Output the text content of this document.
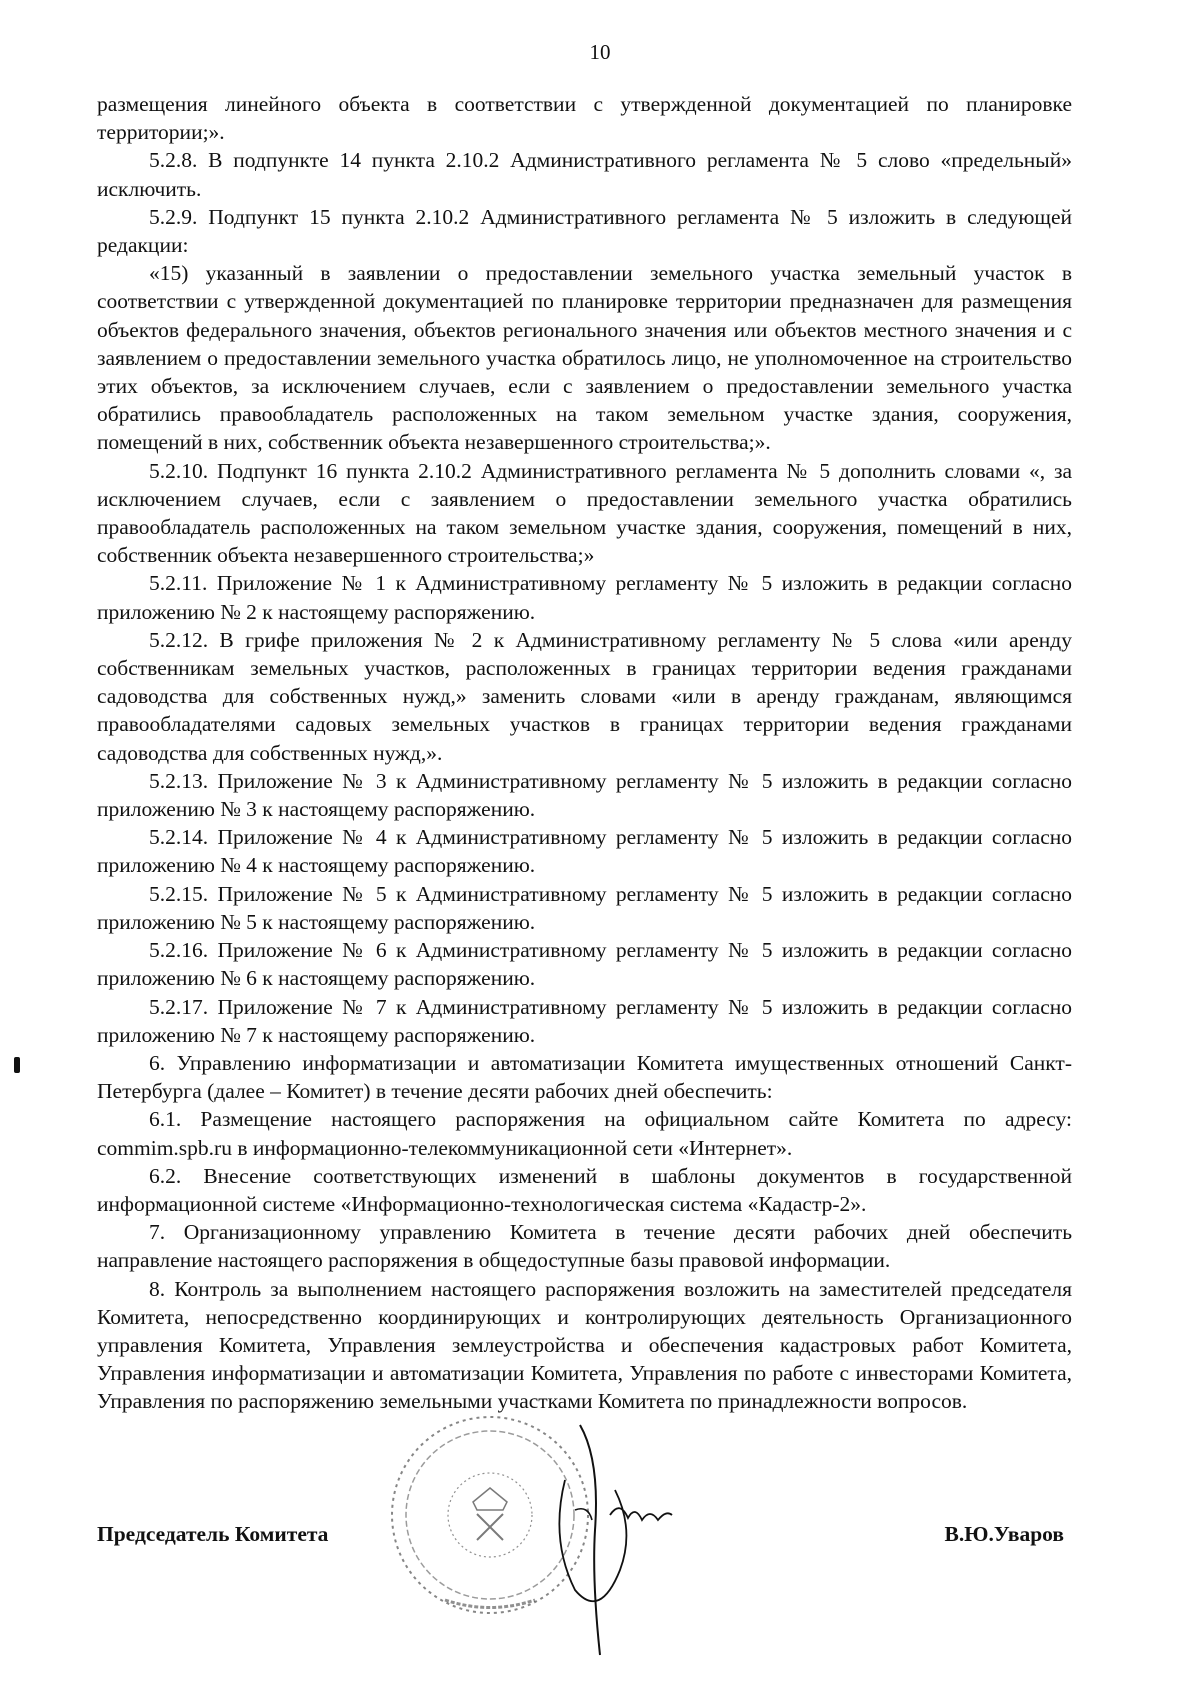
10

размещения линейного объекта в соответствии с утвержденной документацией по планировке территории;».

5.2.8. В подпункте 14 пункта 2.10.2 Административного регламента № 5 слово «предельный» исключить.

5.2.9. Подпункт 15 пункта 2.10.2 Административного регламента № 5 изложить в следующей редакции:

«15) указанный в заявлении о предоставлении земельного участка земельный участок в соответствии с утвержденной документацией по планировке территории предназначен для размещения объектов федерального значения, объектов регионального значения или объектов местного значения и с заявлением о предоставлении земельного участка обратилось лицо, не уполномоченное на строительство этих объектов, за исключением случаев, если с заявлением о предоставлении земельного участка обратились правообладатель расположенных на таком земельном участке здания, сооружения, помещений в них, собственник объекта незавершенного строительства;».

5.2.10. Подпункт 16 пункта 2.10.2 Административного регламента № 5 дополнить словами «, за исключением случаев, если с заявлением о предоставлении земельного участка обратились правообладатель расположенных на таком земельном участке здания, сооружения, помещений в них, собственник объекта незавершенного строительства;»

5.2.11. Приложение № 1 к Административному регламенту № 5 изложить в редакции согласно приложению № 2 к настоящему распоряжению.

5.2.12. В грифе приложения № 2 к Административному регламенту № 5 слова «или аренду собственникам земельных участков, расположенных в границах территории ведения гражданами садоводства для собственных нужд,» заменить словами «или в аренду гражданам, являющимся правообладателями садовых земельных участков в границах территории ведения гражданами садоводства для собственных нужд,».

5.2.13. Приложение № 3 к Административному регламенту № 5 изложить в редакции согласно приложению № 3 к настоящему распоряжению.

5.2.14. Приложение № 4 к Административному регламенту № 5 изложить в редакции согласно приложению № 4 к настоящему распоряжению.

5.2.15. Приложение № 5 к Административному регламенту № 5 изложить в редакции согласно приложению № 5 к настоящему распоряжению.

5.2.16. Приложение № 6 к Административному регламенту № 5 изложить в редакции согласно приложению № 6 к настоящему распоряжению.

5.2.17. Приложение № 7 к Административному регламенту № 5 изложить в редакции согласно приложению № 7 к настоящему распоряжению.

6. Управлению информатизации и автоматизации Комитета имущественных отношений Санкт-Петербурга (далее – Комитет) в течение десяти рабочих дней обеспечить:

6.1. Размещение настоящего распоряжения на официальном сайте Комитета по адресу: commim.spb.ru в информационно-телекоммуникационной сети «Интернет».

6.2. Внесение соответствующих изменений в шаблоны документов в государственной информационной системе «Информационно-технологическая система «Кадастр-2».

7. Организационному управлению Комитета в течение десяти рабочих дней обеспечить направление настоящего распоряжения в общедоступные базы правовой информации.

8. Контроль за выполнением настоящего распоряжения возложить на заместителей председателя Комитета, непосредственно координирующих и контролирующих деятельность Организационного управления Комитета, Управления землеустройства и обеспечения кадастровых работ Комитета, Управления информатизации и автоматизации Комитета, Управления по работе с инвесторами Комитета, Управления по распоряжению земельными участками Комитета по принадлежности вопросов.

Председатель Комитета	В.Ю.Уваров
